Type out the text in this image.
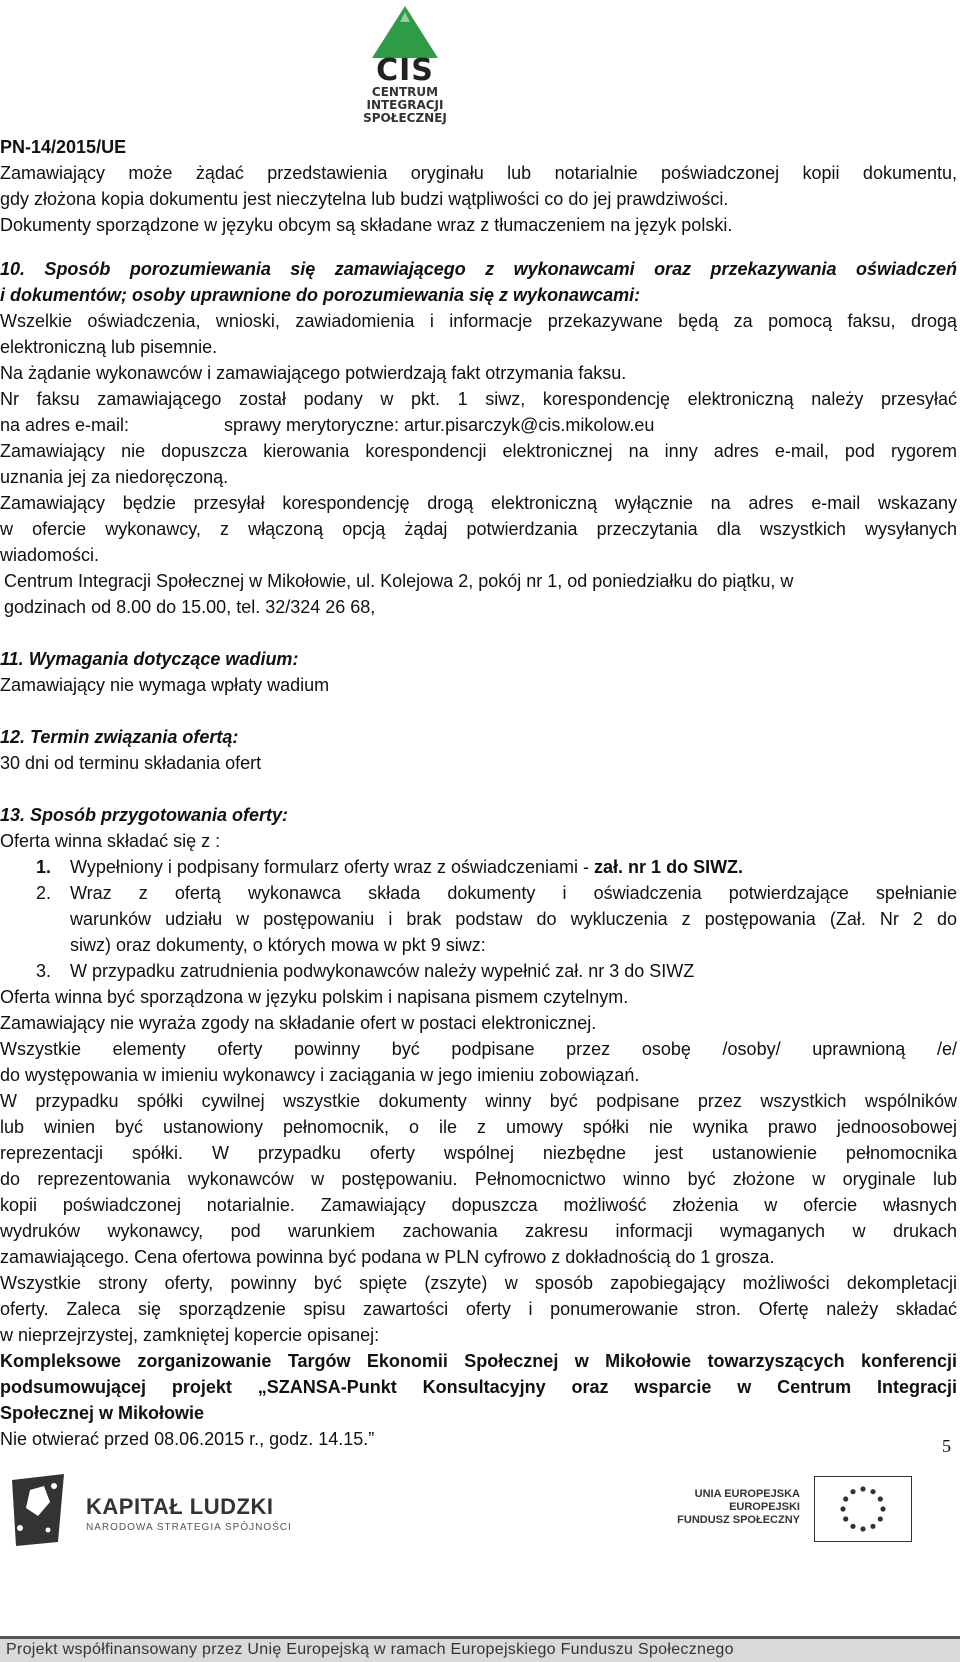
CIS
CENTRUM
INTEGRACJI
SPOŁECZNEJ
PN-14/2015/UE
Zamawiający może żądać przedstawienia oryginału lub notarialnie poświadczonej kopii dokumentu,
gdy złożona kopia dokumentu jest nieczytelna lub budzi wątpliwości co do jej prawdziwości.
Dokumenty sporządzone w języku obcym są składane wraz z tłumaczeniem na język polski.
10. Sposób porozumiewania się zamawiającego z wykonawcami oraz przekazywania oświadczeń
i dokumentów; osoby uprawnione do porozumiewania się z wykonawcami:
Wszelkie oświadczenia, wnioski, zawiadomienia i informacje przekazywane będą za pomocą faksu, drogą
elektroniczną lub pisemnie.
Na żądanie wykonawców i zamawiającego potwierdzają fakt otrzymania faksu.
Nr faksu zamawiającego został podany w pkt. 1 siwz, korespondencję elektroniczną należy przesyłać
na adres e-mail:	sprawy merytoryczne: artur.pisarczyk@cis.mikolow.eu
Zamawiający nie dopuszcza kierowania korespondencji elektronicznej na inny adres e-mail, pod rygorem
uznania jej za niedoręczoną.
Zamawiający będzie przesyłał korespondencję drogą elektroniczną wyłącznie na adres e-mail wskazany
w ofercie wykonawcy, z włączoną opcją żądaj potwierdzania przeczytania dla wszystkich wysyłanych
wiadomości.
Centrum Integracji Społecznej w Mikołowie, ul. Kolejowa 2, pokój nr 1, od poniedziałku do piątku, w
godzinach od 8.00 do 15.00, tel. 32/324 26 68,
11. Wymagania dotyczące wadium:
Zamawiający nie wymaga wpłaty wadium
12. Termin związania ofertą:
30 dni od terminu składania ofert
13. Sposób przygotowania oferty:
Oferta winna składać się z :
1.	Wypełniony i podpisany formularz oferty wraz z oświadczeniami - zał. nr 1 do SIWZ.
2.	Wraz z ofertą wykonawca składa dokumenty i oświadczenia potwierdzające spełnianie
warunków udziału w postępowaniu i brak podstaw do wykluczenia z postępowania (Zał. Nr 2 do
siwz) oraz dokumenty, o których mowa w pkt 9 siwz:
3.	W przypadku zatrudnienia podwykonawców należy wypełnić zał. nr 3 do SIWZ
Oferta winna być sporządzona w języku polskim i napisana pismem czytelnym.
Zamawiający nie wyraża zgody na składanie ofert w postaci elektronicznej.
Wszystkie elementy oferty powinny być podpisane przez osobę /osoby/ uprawnioną /e/
do występowania w imieniu wykonawcy i zaciągania w jego imieniu zobowiązań.
W przypadku spółki cywilnej wszystkie dokumenty winny być podpisane przez wszystkich wspólników
lub winien być ustanowiony pełnomocnik, o ile z umowy spółki nie wynika prawo jednoosobowej
reprezentacji spółki. W przypadku oferty wspólnej niezbędne jest ustanowienie pełnomocnika
do reprezentowania wykonawców w postępowaniu. Pełnomocnictwo winno być złożone w oryginale lub
kopii poświadczonej notarialnie. Zamawiający dopuszcza możliwość złożenia w ofercie własnych
wydruków wykonawcy, pod warunkiem zachowania zakresu informacji wymaganych w drukach
zamawiającego. Cena ofertowa powinna być podana w PLN cyfrowo z dokładnością do 1 grosza.
Wszystkie strony oferty, powinny być spięte (zszyte) w sposób zapobiegający możliwości dekompletacji
oferty. Zaleca się sporządzenie spisu zawartości oferty i ponumerowanie stron. Ofertę należy składać
w nieprzejrzystej, zamkniętej kopercie opisanej:
Kompleksowe zorganizowanie Targów Ekonomii Społecznej w Mikołowie towarzyszących konferencji
podsumowującej projekt „SZANSA-Punkt Konsultacyjny oraz wsparcie w Centrum Integracji
Społecznej w Mikołowie
Nie otwierać przed 08.06.2015 r., godz. 14.15.”	5
KAPITAŁ LUDZKI
NARODOWA STRATEGIA SPÓJNOŚCI
UNIA EUROPEJSKA
EUROPEJSKI
FUNDUSZ SPOŁECZNY
Projekt współfinansowany przez Unię Europejską w ramach Europejskiego Funduszu Społecznego
